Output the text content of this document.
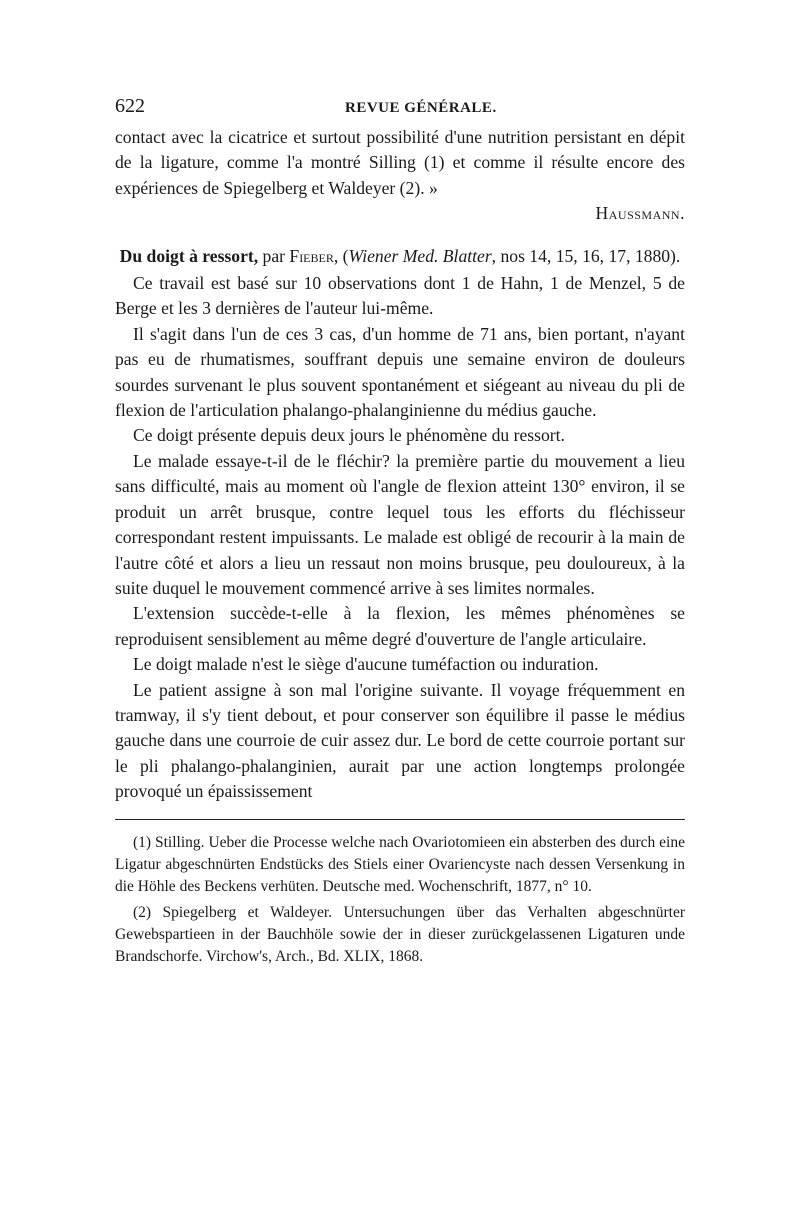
622	REVUE GÉNÉRALE.

contact avec la cicatrice et surtout possibilité d'une nutrition persistant en dépit de la ligature, comme l'a montré Silling (1) et comme il résulte encore des expériences de Spiegelberg et Waldeyer (2). »

Haussmann.
Du doigt à ressort, par Fieber, (Wiener Med. Blatter, nos 14, 15, 16, 17, 1880).

Ce travail est basé sur 10 observations dont 1 de Hahn, 1 de Menzel, 5 de Berge et les 3 dernières de l'auteur lui-même.

Il s'agit dans l'un de ces 3 cas, d'un homme de 71 ans, bien portant, n'ayant pas eu de rhumatismes, souffrant depuis une semaine environ de douleurs sourdes survenant le plus souvent spontanément et siégeant au niveau du pli de flexion de l'articulation phalango-phalanginienne du médius gauche.

Ce doigt présente depuis deux jours le phénomène du ressort.

Le malade essaye-t-il de le fléchir? la première partie du mouvement a lieu sans difficulté, mais au moment où l'angle de flexion atteint 130° environ, il se produit un arrêt brusque, contre lequel tous les efforts du fléchisseur correspondant restent impuissants. Le malade est obligé de recourir à la main de l'autre côté et alors a lieu un ressaut non moins brusque, peu douloureux, à la suite duquel le mouvement commencé arrive à ses limites normales.

L'extension succède-t-elle à la flexion, les mêmes phénomènes se reproduisent sensiblement au même degré d'ouverture de l'angle articulaire.

Le doigt malade n'est le siège d'aucune tuméfaction ou induration.

Le patient assigne à son mal l'origine suivante. Il voyage fréquemment en tramway, il s'y tient debout, et pour conserver son équilibre il passe le médius gauche dans une courroie de cuir assez dur. Le bord de cette courroie portant sur le pli phalango-phalanginien, aurait par une action longtemps prolongée provoqué un épaississement

(1) Stilling. Ueber die Processe welche nach Ovariotomieen ein absterben des durch eine Ligatur abgeschnürten Endstücks des Stiels einer Ovariencyste nach dessen Versenkung in die Höhle des Beckens verhüten. Deutsche med. Wochenschrift, 1877, n° 10.

(2) Spiegelberg et Waldeyer. Untersuchungen über das Verhalten abgeschnürter Gewebspartieen in der Bauchhöle sowie der in dieser zurückgelassenen Ligaturen unde Brandschorfe. Virchow's, Arch., Bd. XLIX, 1868.
